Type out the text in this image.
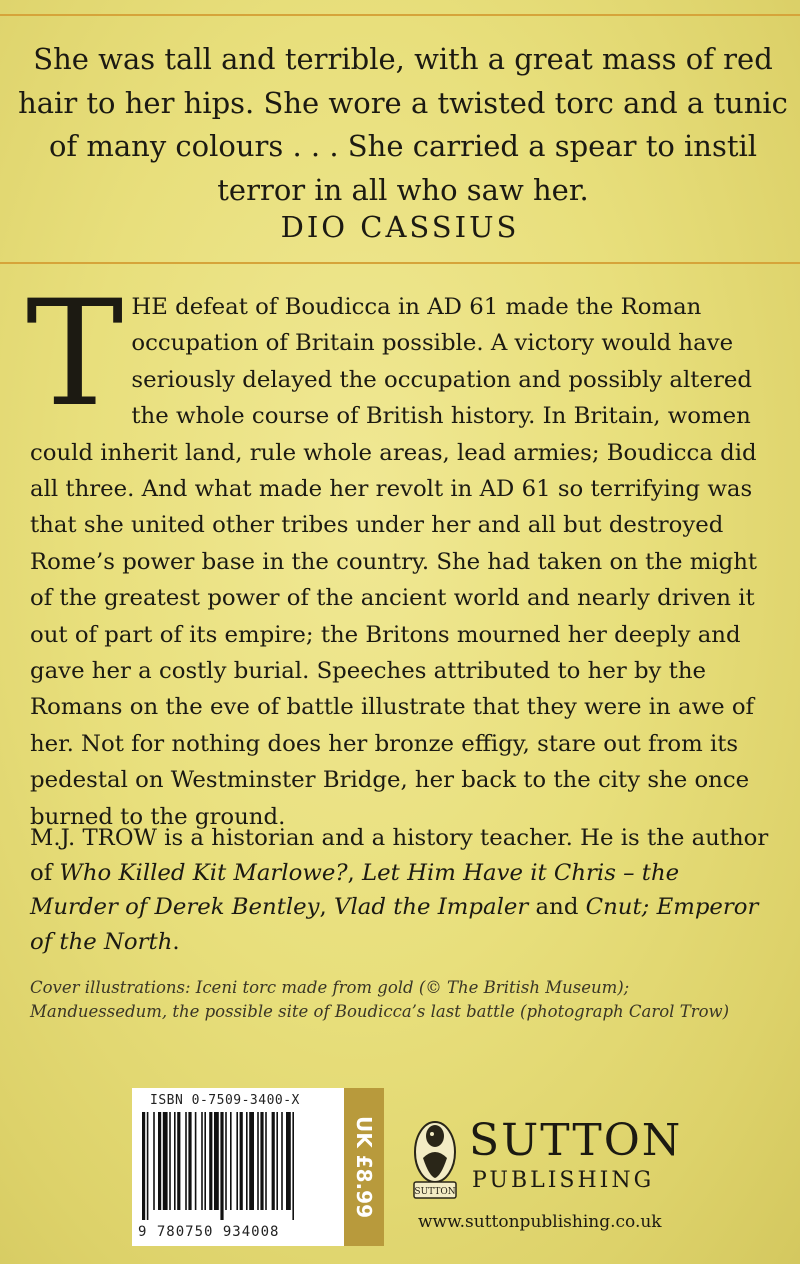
She was tall and terrible, with a great mass of red hair to her hips. She wore a twisted torc and a tunic of many colours . . . She carried a spear to instil terror in all who saw her.
DIO CASSIUS
THE defeat of Boudicca in AD 61 made the Roman occupation of Britain possible. A victory would have seriously delayed the occupation and possibly altered the whole course of British history. In Britain, women could inherit land, rule whole areas, lead armies; Boudicca did all three. And what made her revolt in AD 61 so terrifying was that she united other tribes under her and all but destroyed Rome’s power base in the country. She had taken on the might of the greatest power of the ancient world and nearly driven it out of part of its empire; the Britons mourned her deeply and gave her a costly burial. Speeches attributed to her by the Romans on the eve of battle illustrate that they were in awe of her. Not for nothing does her bronze effigy, stare out from its pedestal on Westminster Bridge, her back to the city she once burned to the ground.
M.J. TROW is a historian and a history teacher. He is the author of Who Killed Kit Marlowe?, Let Him Have it Chris – the Murder of Derek Bentley, Vlad the Impaler and Cnut; Emperor of the North.
Cover illustrations: Iceni torc made from gold (© The British Museum); Manduessedum, the possible site of Boudicca’s last battle (photograph Carol Trow)
ISBN 0-7509-3400-X
9 780750 934008
UK £8.99	SUTTON
SUTTON
PUBLISHING
www.suttonpublishing.co.uk
